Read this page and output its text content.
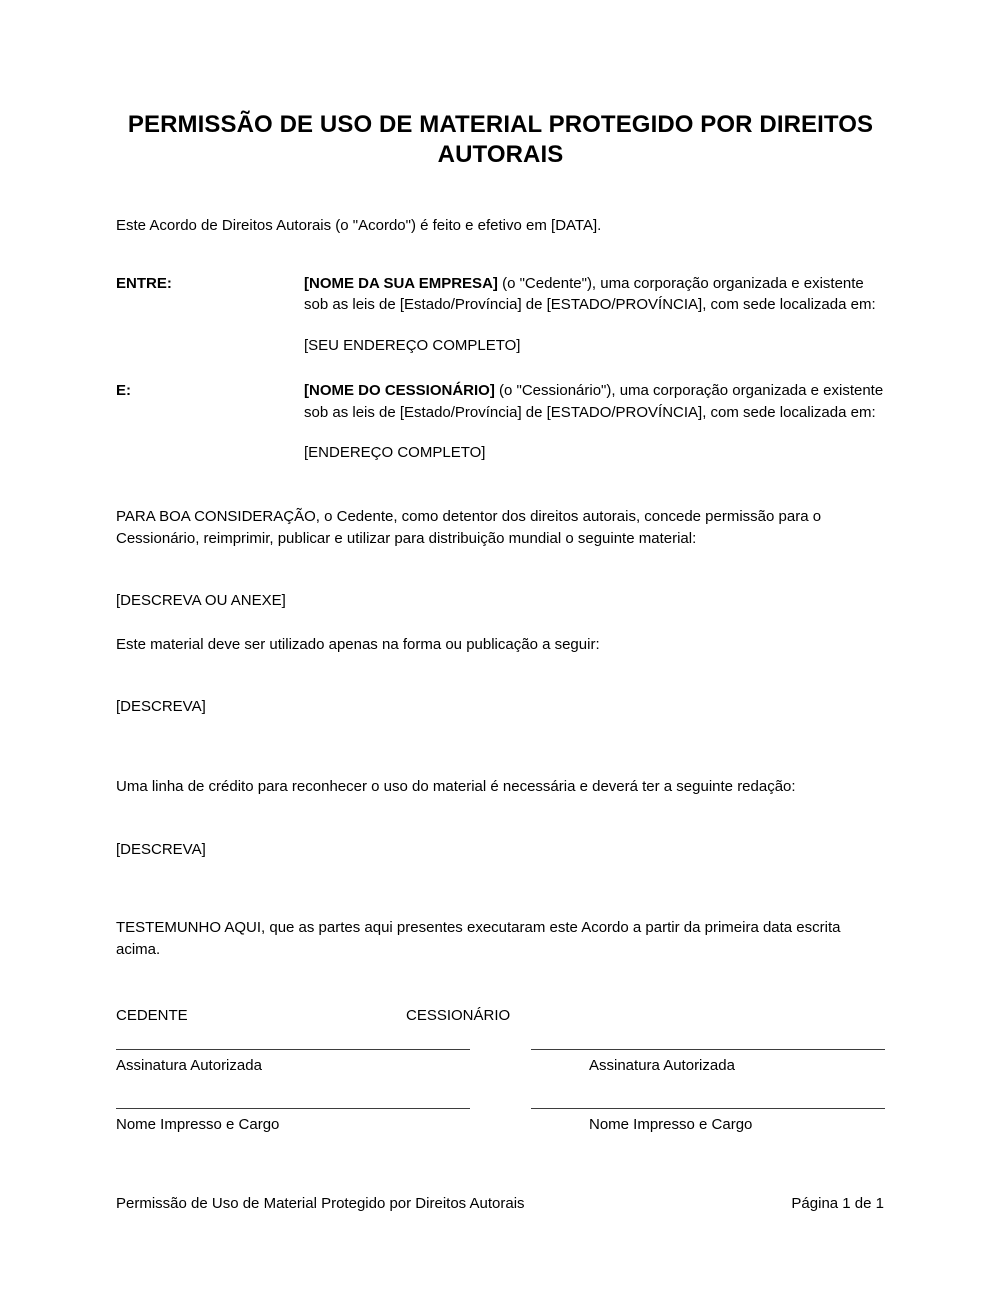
PERMISSÃO DE USO DE MATERIAL PROTEGIDO POR DIREITOS AUTORAIS

Este Acordo de Direitos Autorais (o "Acordo") é feito e efetivo em [DATA].

ENTRE:	[NOME DA SUA EMPRESA] (o "Cedente"), uma corporação organizada e existente sob as leis de [Estado/Província] de [ESTADO/PROVÍNCIA], com sede localizada em:
[SEU ENDEREÇO COMPLETO]
E:	[NOME DO CESSIONÁRIO] (o "Cessionário"), uma corporação organizada e existente sob as leis de [Estado/Província] de [ESTADO/PROVÍNCIA], com sede localizada em:
[ENDEREÇO COMPLETO]

PARA BOA CONSIDERAÇÃO, o Cedente, como detentor dos direitos autorais, concede permissão para o Cessionário, reimprimir, publicar e utilizar para distribuição mundial o seguinte material:

[DESCREVA OU ANEXE]

Este material deve ser utilizado apenas na forma ou publicação a seguir:

[DESCREVA]

Uma linha de crédito para reconhecer o uso do material é necessária e deverá ter a seguinte redação:

[DESCREVA]

TESTEMUNHO AQUI, que as partes aqui presentes executaram este Acordo a partir da primeira data escrita acima.

CEDENTE	CESSIONÁRIO
Assinatura Autorizada	Assinatura Autorizada
Nome Impresso e Cargo	Nome Impresso e Cargo
Permissão de Uso de Material Protegido por Direitos Autorais	Página 1 de 1
